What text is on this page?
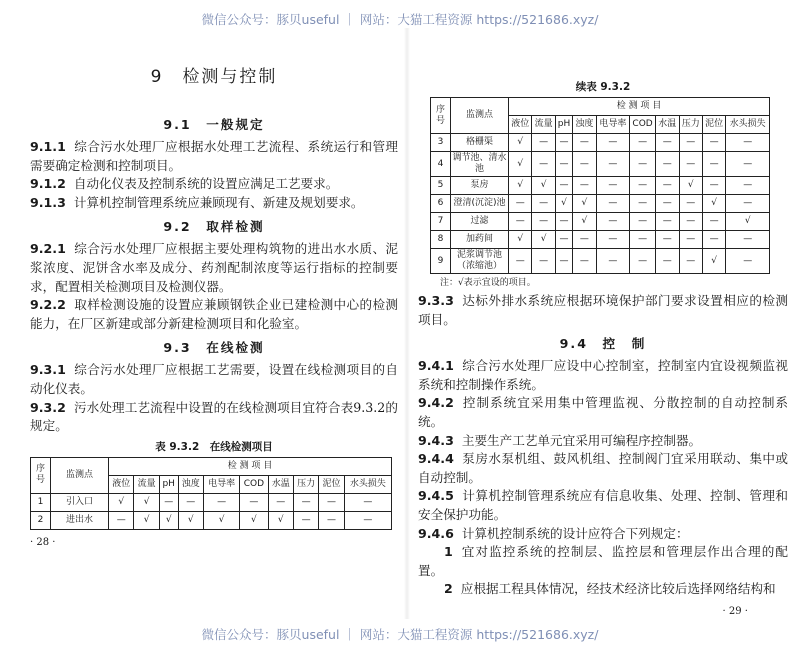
微信公众号：豚贝useful ｜ 网站：大猫工程资源 https://521686.xyz/
9　检测与控制
9.1　一般规定
9.1.1 综合污水处理厂应根据水处理工艺流程、系统运行和管理需要确定检测和控制项目。
9.1.2 自动化仪表及控制系统的设置应满足工艺要求。
9.1.3 计算机控制管理系统应兼顾现有、新建及规划要求。
9.2　取样检测
9.2.1 综合污水处理厂应根据主要处理构筑物的进出水水质、泥浆浓度、泥饼含水率及成分、药剂配制浓度等运行指标的控制要求，配置相关检测项目及检测仪器。
9.2.2 取样检测设施的设置应兼顾钢铁企业已建检测中心的检测能力，在厂区新建或部分新建检测项目和化验室。
9.3　在线检测
9.3.1 综合污水处理厂应根据工艺需要，设置在线检测项目的自动化仪表。
9.3.2 污水处理工艺流程中设置的在线检测项目宜符合表9.3.2的规定。
表 9.3.2　在线检测项目
序号	监测点	检 测 项 目									
		液位	流量	pH	浊度	电导率	COD	水温	压力	泥位	水头损失
1	引入口	√	√	—	—	—	—	—	—	—	—
2	进出水	—	√	√	√	√	√	√	—	—	—
· 28 ·
续表 9.3.2
序号	监测点	检 测 项 目									
		液位	流量	pH	浊度	电导率	COD	水温	压力	泥位	水头损失
3	格栅渠	√	—	—	—	—	—	—	—	—	—
4	调节池、清水池	√	—	—	—	—	—	—	—	—	—
5	泵房	√	√	—	—	—	—	—	√	—	—
6	澄清(沉淀)池	—	—	√	√	—	—	—	—	√	—
7	过滤	—	—	—	√	—	—	—	—	—	√
8	加药间	√	√	—	—	—	—	—	—	—	—
9	泥浆调节池（浓缩池）	—	—	—	—	—	—	—	—	√	—
注：√表示宜设的项目。
9.3.3 达标外排水系统应根据环境保护部门要求设置相应的检测项目。
9.4　控　制
9.4.1 综合污水处理厂应设中心控制室，控制室内宜设视频监视系统和控制操作系统。
9.4.2 控制系统宜采用集中管理监视、分散控制的自动控制系统。
9.4.3 主要生产工艺单元宜采用可编程序控制器。
9.4.4 泵房水泵机组、鼓风机组、控制阀门宜采用联动、集中或自动控制。
9.4.5 计算机控制管理系统应有信息收集、处理、控制、管理和安全保护功能。
9.4.6 计算机控制系统的设计应符合下列规定：
1 宜对监控系统的控制层、监控层和管理层作出合理的配置。
2 应根据工程具体情况，经技术经济比较后选择网络结构和
· 29 ·
微信公众号：豚贝useful ｜ 网站：大猫工程资源 https://521686.xyz/
